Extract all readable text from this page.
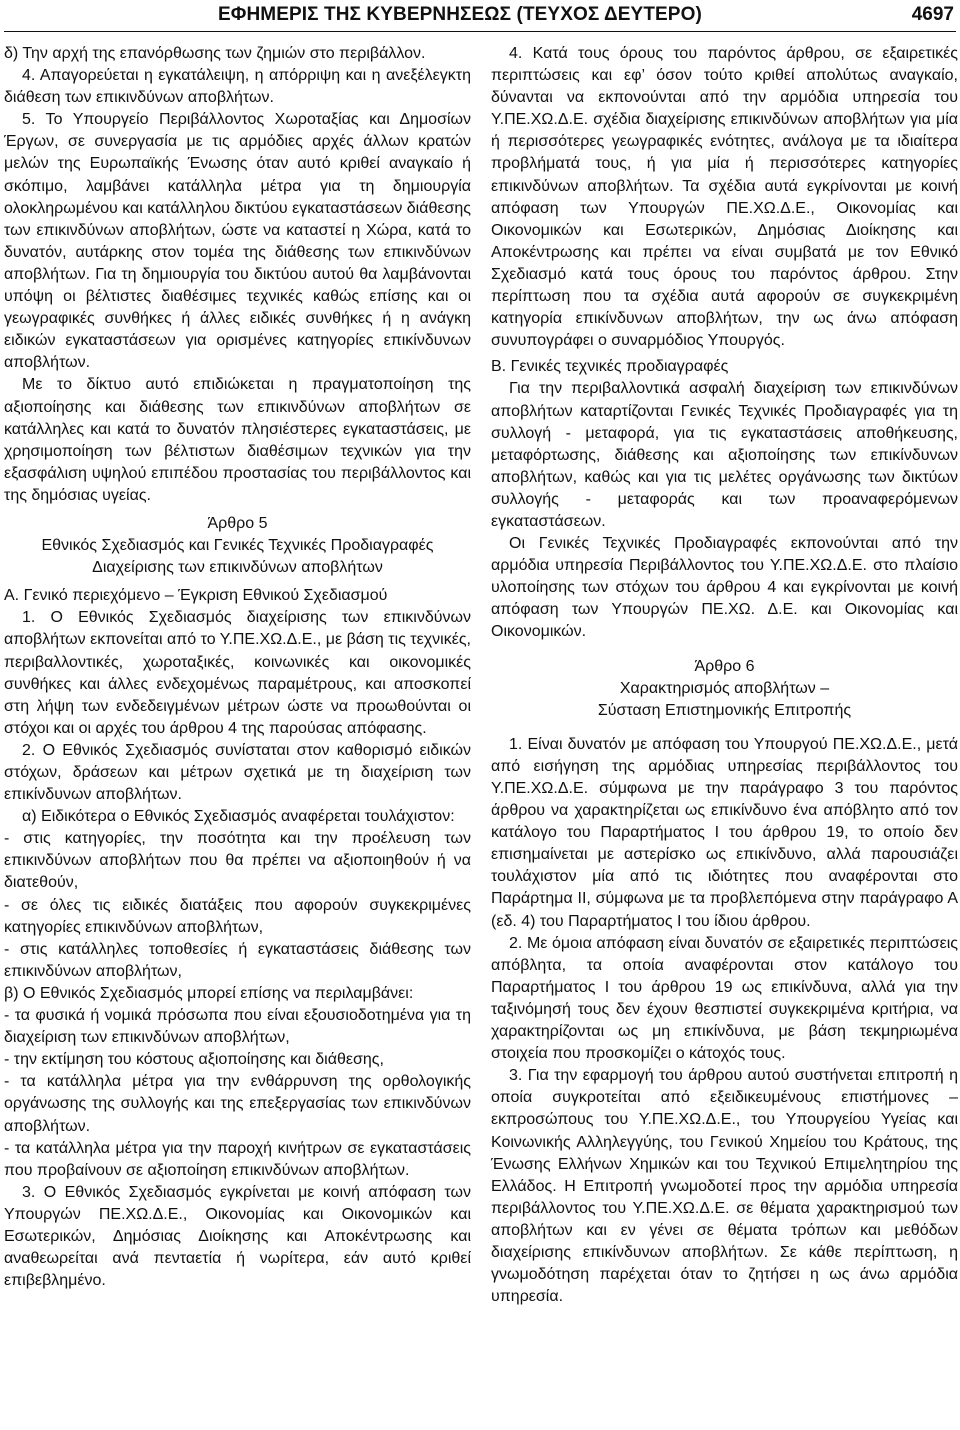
ΕΦΗΜΕΡΙΣ ΤΗΣ ΚΥΒΕΡΝΗΣΕΩΣ (ΤΕΥΧΟΣ ΔΕΥΤΕΡΟ)	4697

δ) Την αρχή της επανόρθωσης των ζημιών στο περιβάλλον.

4. Απαγορεύεται η εγκατάλειψη, η απόρριψη και η ανεξέλεγκτη διάθεση των επικινδύνων αποβλήτων.

5. Το Υπουργείο Περιβάλλοντος Χωροταξίας και Δημοσίων Έργων, σε συνεργασία με τις αρμόδιες αρχές άλλων κρατών μελών της Ευρωπαϊκής Ένωσης όταν αυτό κριθεί αναγκαίο ή σκόπιμο, λαμβάνει κατάλληλα μέτρα για τη δημιουργία ολοκληρωμένου και κατάλληλου δικτύου εγκαταστάσεων διάθεσης των επικινδύνων αποβλήτων, ώστε να καταστεί η Χώρα, κατά το δυνατόν, αυτάρκης στον τομέα της διάθεσης των επικινδύνων αποβλήτων. Για τη δημιουργία του δικτύου αυτού θα λαμβάνονται υπόψη οι βέλτιστες διαθέσιμες τεχνικές καθώς επίσης και οι γεωγραφικές συνθήκες ή άλλες ειδικές συνθήκες ή η ανάγκη ειδικών εγκαταστάσεων για ορισμένες κατηγορίες επικίνδυνων αποβλήτων.

Με το δίκτυο αυτό επιδιώκεται η πραγματοποίηση της αξιοποίησης και διάθεσης των επικινδύνων αποβλήτων σε κατάλληλες και κατά το δυνατόν πλησιέστερες εγκαταστάσεις, με χρησιμοποίηση των βέλτιστων διαθέσιμων τεχνικών για την εξασφάλιση υψηλού επιπέδου προστασίας του περιβάλλοντος και της δημόσιας υγείας.

Άρθρο 5

Εθνικός Σχεδιασμός και Γενικές Τεχνικές Προδιαγραφές

Διαχείρισης των επικινδύνων αποβλήτων

Α. Γενικό περιεχόμενο – Έγκριση Εθνικού Σχεδιασμού

1. Ο Εθνικός Σχεδιασμός διαχείρισης των επικινδύνων αποβλήτων εκπονείται από το Υ.ΠΕ.ΧΩ.Δ.Ε., με βάση τις τεχνικές, περιβαλλοντικές, χωροταξικές, κοινωνικές και οικονομικές συνθήκες και άλλες ενδεχομένως παραμέτρους, και αποσκοπεί στη λήψη των ενδεδειγμένων μέτρων ώστε να προωθούνται οι στόχοι και οι αρχές του άρθρου 4 της παρούσας απόφασης.

2. Ο Εθνικός Σχεδιασμός συνίσταται στον καθορισμό ειδικών στόχων, δράσεων και μέτρων σχετικά με τη διαχείριση των επικίνδυνων αποβλήτων.

α) Ειδικότερα ο Εθνικός Σχεδιασμός αναφέρεται τουλάχιστον:

- στις κατηγορίες, την ποσότητα και την προέλευση των επικινδύνων αποβλήτων που θα πρέπει να αξιοποιηθούν ή να διατεθούν,

- σε όλες τις ειδικές διατάξεις που αφορούν συγκεκριμένες κατηγορίες επικινδύνων αποβλήτων,

- στις κατάλληλες τοποθεσίες ή εγκαταστάσεις διάθεσης των επικινδύνων αποβλήτων,

β) Ο Εθνικός Σχεδιασμός μπορεί επίσης να περιλαμβάνει:

- τα φυσικά ή νομικά πρόσωπα που είναι εξουσιοδοτημένα για τη διαχείριση των επικινδύνων αποβλήτων,

- την εκτίμηση του κόστους αξιοποίησης και διάθεσης,

- τα κατάλληλα μέτρα για την ενθάρρυνση της ορθολογικής οργάνωσης της συλλογής και της επεξεργασίας των επικινδύνων αποβλήτων.

- τα κατάλληλα μέτρα για την παροχή κινήτρων σε εγκαταστάσεις που προβαίνουν σε αξιοποίηση επικινδύνων αποβλήτων.

3. Ο Εθνικός Σχεδιασμός εγκρίνεται με κοινή απόφαση των Υπουργών ΠΕ.ΧΩ.Δ.Ε., Οικονομίας και Οικονομικών και Εσωτερικών, Δημόσιας Διοίκησης και Αποκέντρωσης και αναθεωρείται ανά πενταετία ή νωρίτερα, εάν αυτό κριθεί επιβεβλημένο.

4. Κατά τους όρους του παρόντος άρθρου, σε εξαιρετικές περιπτώσεις και εφ’ όσον τούτο κριθεί απολύτως αναγκαίο, δύνανται να εκπονούνται από την αρμόδια υπηρεσία του Υ.ΠΕ.ΧΩ.Δ.Ε. σχέδια διαχείρισης επικινδύνων αποβλήτων για μία ή περισσότερες γεωγραφικές ενότητες, ανάλογα με τα ιδιαίτερα προβλήματά τους, ή για μία ή περισσότερες κατηγορίες επικινδύνων αποβλήτων. Τα σχέδια αυτά εγκρίνονται με κοινή απόφαση των Υπουργών ΠΕ.ΧΩ.Δ.Ε., Οικονομίας και Οικονομικών και Εσωτερικών, Δημόσιας Διοίκησης και Αποκέντρωσης και πρέπει να είναι συμβατά με τον Εθνικό Σχεδιασμό κατά τους όρους του παρόντος άρθρου. Στην περίπτωση που τα σχέδια αυτά αφορούν σε συγκεκριμένη κατηγορία επικίνδυνων αποβλήτων, την ως άνω απόφαση συνυπογράφει ο συναρμόδιος Υπουργός.

Β. Γενικές τεχνικές προδιαγραφές

Για την περιβαλλοντικά ασφαλή διαχείριση των επικινδύνων αποβλήτων καταρτίζονται Γενικές Τεχνικές Προδιαγραφές για τη συλλογή - μεταφορά, για τις εγκαταστάσεις αποθήκευσης, μεταφόρτωσης, διάθεσης και αξιοποίησης των επικίνδυνων αποβλήτων, καθώς και για τις μελέτες οργάνωσης των δικτύων συλλογής - μεταφοράς και των προαναφερόμενων εγκαταστάσεων.

Οι Γενικές Τεχνικές Προδιαγραφές εκπονούνται από την αρμόδια υπηρεσία Περιβάλλοντος του Υ.ΠΕ.ΧΩ.Δ.Ε. στο πλαίσιο υλοποίησης των στόχων του άρθρου 4 και εγκρίνονται με κοινή απόφαση των Υπουργών ΠΕ.ΧΩ. Δ.Ε. και Οικονομίας και Οικονομικών.

Άρθρο 6

Χαρακτηρισμός αποβλήτων –

Σύσταση Επιστημονικής Επιτροπής

1. Είναι δυνατόν με απόφαση του Υπουργού ΠΕ.ΧΩ.Δ.Ε., μετά από εισήγηση της αρμόδιας υπηρεσίας περιβάλλοντος του Υ.ΠΕ.ΧΩ.Δ.Ε. σύμφωνα με την παράγραφο 3 του παρόντος άρθρου να χαρακτηρίζεται ως επικίνδυνο ένα απόβλητο από τον κατάλογο του Παραρτήματος Ι του άρθρου 19, το οποίο δεν επισημαίνεται με αστερίσκο ως επικίνδυνο, αλλά παρουσιάζει τουλάχιστον μία από τις ιδιότητες που αναφέρονται στο Παράρτημα ΙΙ, σύμφωνα με τα προβλεπόμενα στην παράγραφο Α (εδ. 4) του Παραρτήματος Ι του ίδιου άρθρου.

2. Με όμοια απόφαση είναι δυνατόν σε εξαιρετικές περιπτώσεις απόβλητα, τα οποία αναφέρονται στον κατάλογο του Παραρτήματος Ι του άρθρου 19 ως επικίνδυνα, αλλά για την ταξινόμησή τους δεν έχουν θεσπιστεί συγκεκριμένα κριτήρια, να χαρακτηρίζονται ως μη επικίνδυνα, με βάση τεκμηριωμένα στοιχεία που προσκομίζει ο κάτοχός τους.

3. Για την εφαρμογή του άρθρου αυτού συστήνεται επιτροπή η οποία συγκροτείται από εξειδικευμένους επιστήμονες – εκπροσώπους του Υ.ΠΕ.ΧΩ.Δ.Ε., του Υπουργείου Υγείας και Κοινωνικής Αλληλεγγύης, του Γενικού Χημείου του Κράτους, της Ένωσης Ελλήνων Χημικών και του Τεχνικού Επιμελητηρίου της Ελλάδος. Η Επιτροπή γνωμοδοτεί προς την αρμόδια υπηρεσία περιβάλλοντος του Υ.ΠΕ.ΧΩ.Δ.Ε. σε θέματα χαρακτηρισμού των αποβλήτων και εν γένει σε θέματα τρόπων και μεθόδων διαχείρισης επικίνδυνων αποβλήτων. Σε κάθε περίπτωση, η γνωμοδότηση παρέχεται όταν το ζητήσει η ως άνω αρμόδια υπηρεσία.
